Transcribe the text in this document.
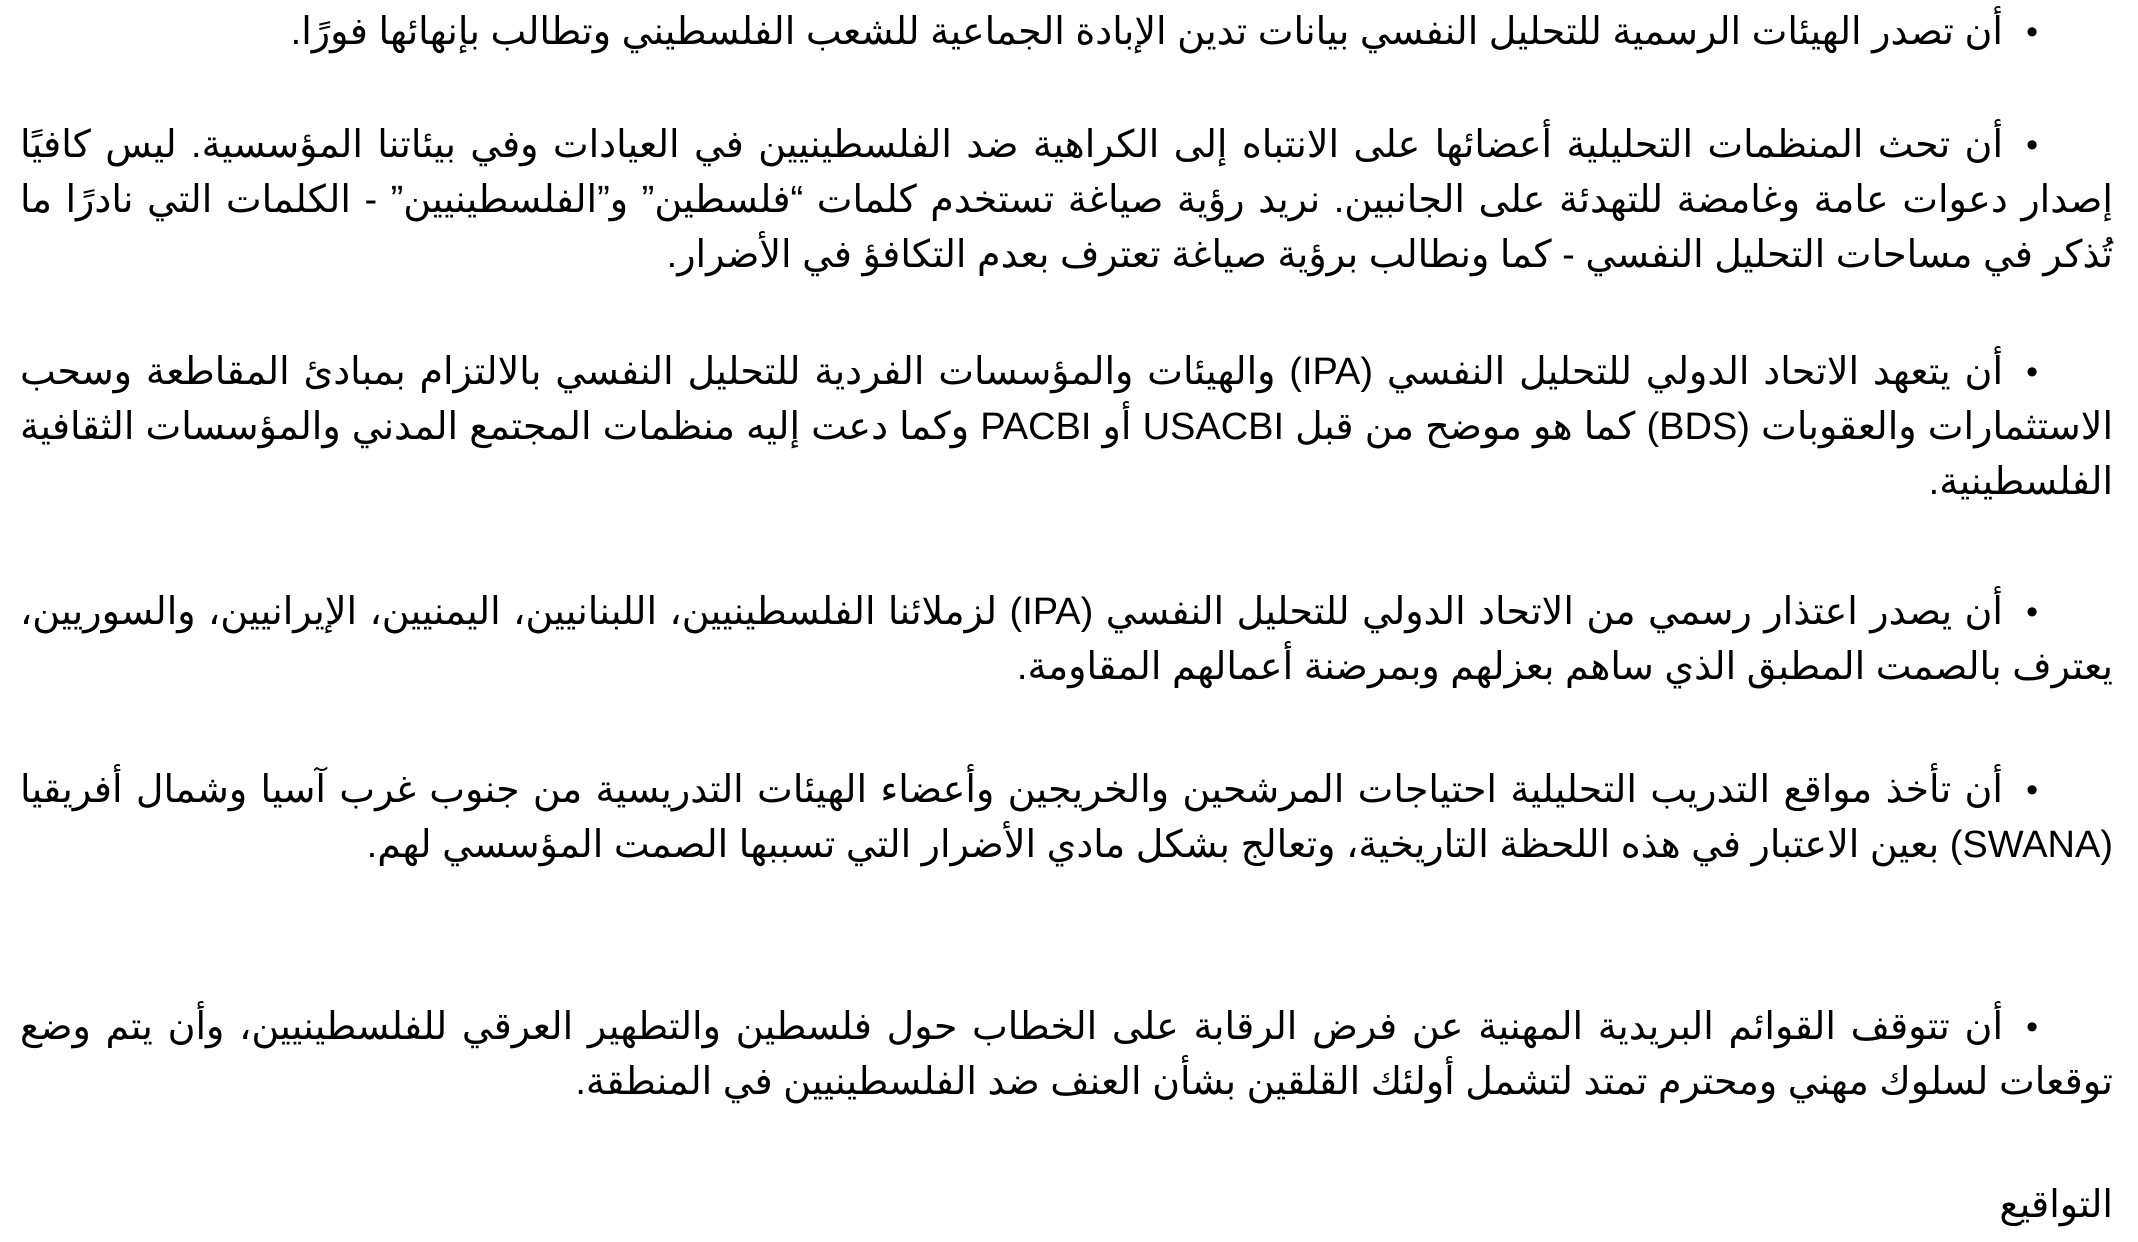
•
أن تصدر الهيئات الرسمية للتحليل النفسي بيانات تدين الإبادة الجماعية للشعب الفلسطيني وتطالب بإنهائها فورًا.

•
أن تحث المنظمات التحليلية أعضائها على الانتباه إلى الكراهية ضد الفلسطينيين في العيادات وفي بيئاتنا المؤسسية. ليس كافيًا إصدار دعوات عامة وغامضة للتهدئة على الجانبين. نريد رؤية صياغة تستخدم كلمات “فلسطين” و”الفلسطينيين” - الكلمات التي نادرًا ما تُذكر في مساحات التحليل النفسي - كما ونطالب برؤية صياغة تعترف بعدم التكافؤ في الأضرار.

•
أن يتعهد الاتحاد الدولي للتحليل النفسي (IPA) والهيئات والمؤسسات الفردية للتحليل النفسي بالالتزام بمبادئ المقاطعة وسحب الاستثمارات والعقوبات (BDS) كما هو موضح من قبل USACBI أو PACBI وكما دعت إليه منظمات المجتمع المدني والمؤسسات الثقافية الفلسطينية.

•
أن يصدر اعتذار رسمي من الاتحاد الدولي للتحليل النفسي (IPA) لزملائنا الفلسطينيين، اللبنانيين، اليمنيين، الإيرانيين، والسوريين، يعترف بالصمت المطبق الذي ساهم بعزلهم وبمرضنة أعمالهم المقاومة.

•
أن تأخذ مواقع التدريب التحليلية احتياجات المرشحين والخريجين وأعضاء الهيئات التدريسية من جنوب غرب آسيا وشمال أفريقيا (SWANA) بعين الاعتبار في هذه اللحظة التاريخية، وتعالج بشكل مادي الأضرار التي تسببها الصمت المؤسسي لهم.

•
أن تتوقف القوائم البريدية المهنية عن فرض الرقابة على الخطاب حول فلسطين والتطهير العرقي للفلسطينيين، وأن يتم وضع توقعات لسلوك مهني ومحترم تمتد لتشمل أولئك القلقين بشأن العنف ضد الفلسطينيين في المنطقة.

التواقيع
